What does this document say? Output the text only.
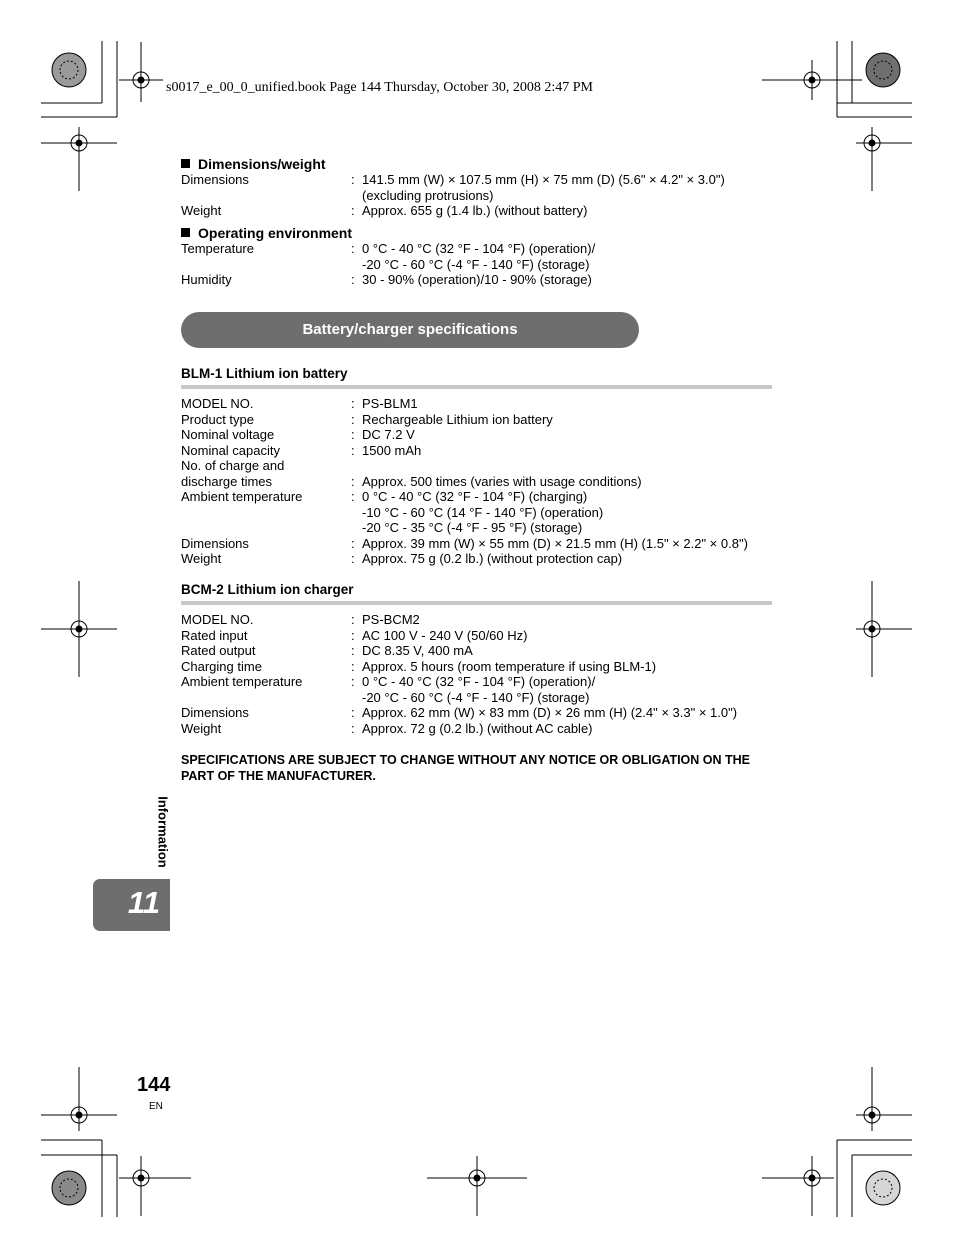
s0017_e_00_0_unified.book Page 144 Thursday, October 30, 2008 2:47 PM
Dimensions/weight
Dimensions	: 141.5 mm (W) × 107.5 mm (H) × 75 mm (D) (5.6" × 4.2" × 3.0")
(excluding protrusions)
Weight	: Approx. 655 g (1.4 lb.) (without battery)
Operating environment
Temperature	: 0 °C - 40 °C (32 °F - 104 °F) (operation)/
-20 °C - 60 °C (-4 °F - 140 °F) (storage)
Humidity	: 30 - 90% (operation)/10 - 90% (storage)
Battery/charger specifications
BLM-1 Lithium ion battery
MODEL NO.	: PS-BLM1
Product type	: Rechargeable Lithium ion battery
Nominal voltage	: DC 7.2 V
Nominal capacity	: 1500 mAh
No. of charge and
discharge times	: Approx. 500 times (varies with usage conditions)
Ambient temperature	: 0 °C - 40 °C (32 °F - 104 °F) (charging)
-10 °C - 60 °C (14 °F - 140 °F) (operation)
-20 °C - 35 °C (-4 °F - 95 °F) (storage)
Dimensions	: Approx. 39 mm (W) × 55 mm (D) × 21.5 mm (H) (1.5" × 2.2" × 0.8")
Weight	: Approx. 75 g (0.2 lb.) (without protection cap)
BCM-2 Lithium ion charger
MODEL NO.	: PS-BCM2
Rated input	: AC 100 V - 240 V (50/60 Hz)
Rated output	: DC 8.35 V, 400 mA
Charging time	: Approx. 5 hours (room temperature if using BLM-1)
Ambient temperature	: 0 °C - 40 °C (32 °F - 104 °F) (operation)/
-20 °C - 60 °C (-4 °F - 140 °F) (storage)
Dimensions	: Approx. 62 mm (W) × 83 mm (D) × 26 mm (H) (2.4" × 3.3" × 1.0")
Weight	: Approx. 72 g (0.2 lb.) (without AC cable)
SPECIFICATIONS ARE SUBJECT TO CHANGE WITHOUT ANY NOTICE OR OBLIGATION ON THE PART OF THE MANUFACTURER.
Information
11
144
EN
